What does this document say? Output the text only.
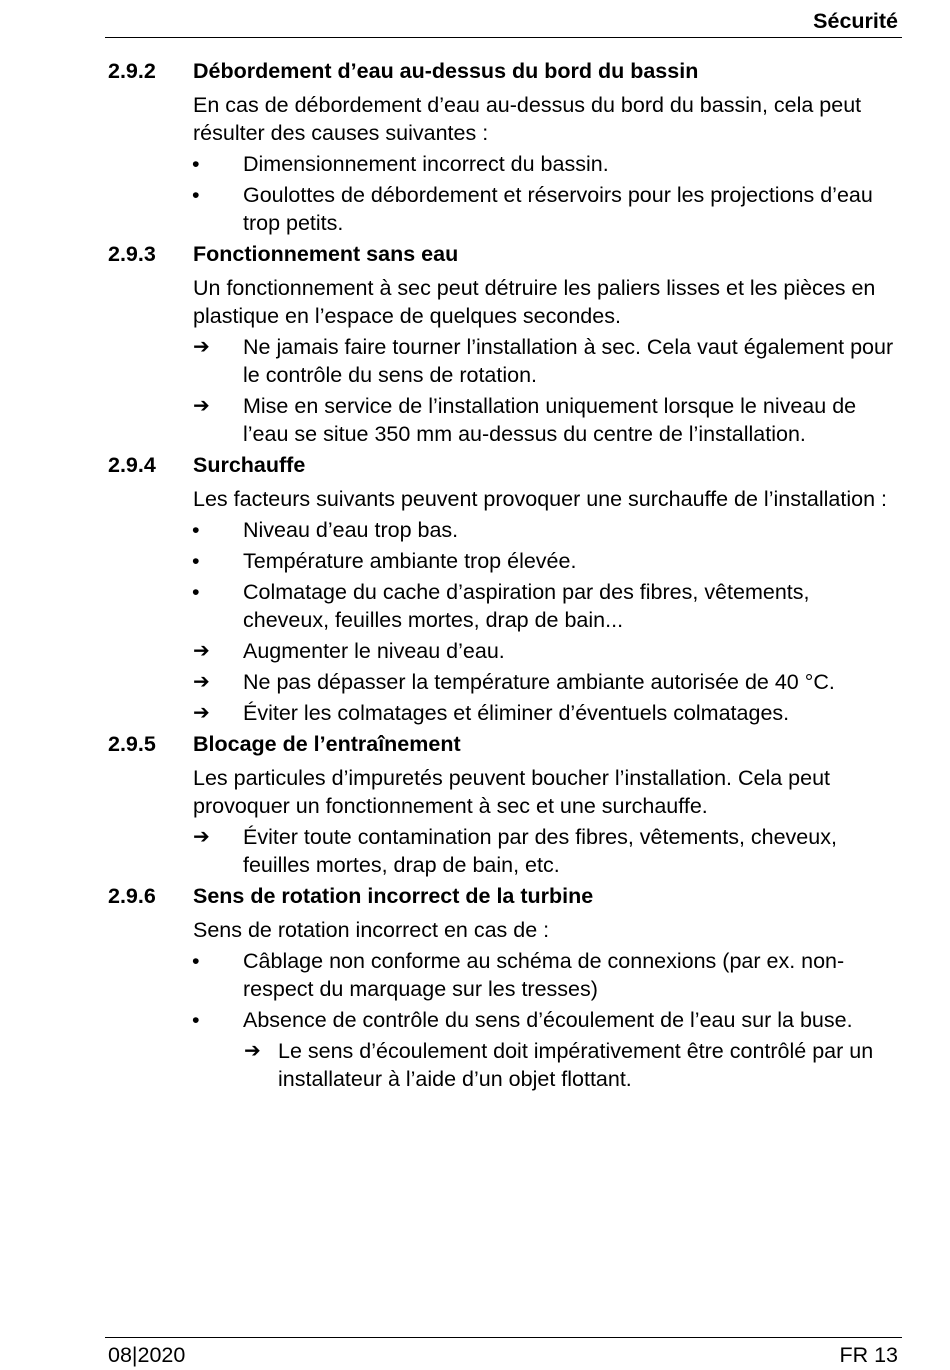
Sécurité
2.9.2 Débordement d’eau au-dessus du bord du bassin
En cas de débordement d’eau au-dessus du bord du bassin, cela peut résulter des causes suivantes :
• Dimensionnement incorrect du bassin.
• Goulottes de débordement et réservoirs pour les projections d’eau trop petits.
2.9.3 Fonctionnement sans eau
Un fonctionnement à sec peut détruire les paliers lisses et les pièces en plastique en l’espace de quelques secondes.
➔ Ne jamais faire tourner l’installation à sec. Cela vaut également pour le contrôle du sens de rotation.
➔ Mise en service de l’installation uniquement lorsque le niveau de l’eau se situe 350 mm au-dessus du centre de l’installation.
2.9.4 Surchauffe
Les facteurs suivants peuvent provoquer une surchauffe de l’installation :
• Niveau d’eau trop bas.
• Température ambiante trop élevée.
• Colmatage du cache d’aspiration par des fibres, vêtements, cheveux, feuilles mortes, drap de bain...
➔ Augmenter le niveau d’eau.
➔ Ne pas dépasser la température ambiante autorisée de 40 °C.
➔ Éviter les colmatages et éliminer d’éventuels colmatages.
2.9.5 Blocage de l’entraînement
Les particules d’impuretés peuvent boucher l’installation. Cela peut provoquer un fonctionnement à sec et une surchauffe.
➔ Éviter toute contamination par des fibres, vêtements, cheveux, feuilles mortes, drap de bain, etc.
2.9.6 Sens de rotation incorrect de la turbine
Sens de rotation incorrect en cas de :
• Câblage non conforme au schéma de connexions (par ex. non-respect du marquage sur les tresses)
• Absence de contrôle du sens d’écoulement de l’eau sur la buse.
➔ Le sens d’écoulement doit impérativement être contrôlé par un installateur à l’aide d’un objet flottant.
08|2020	FR 13
